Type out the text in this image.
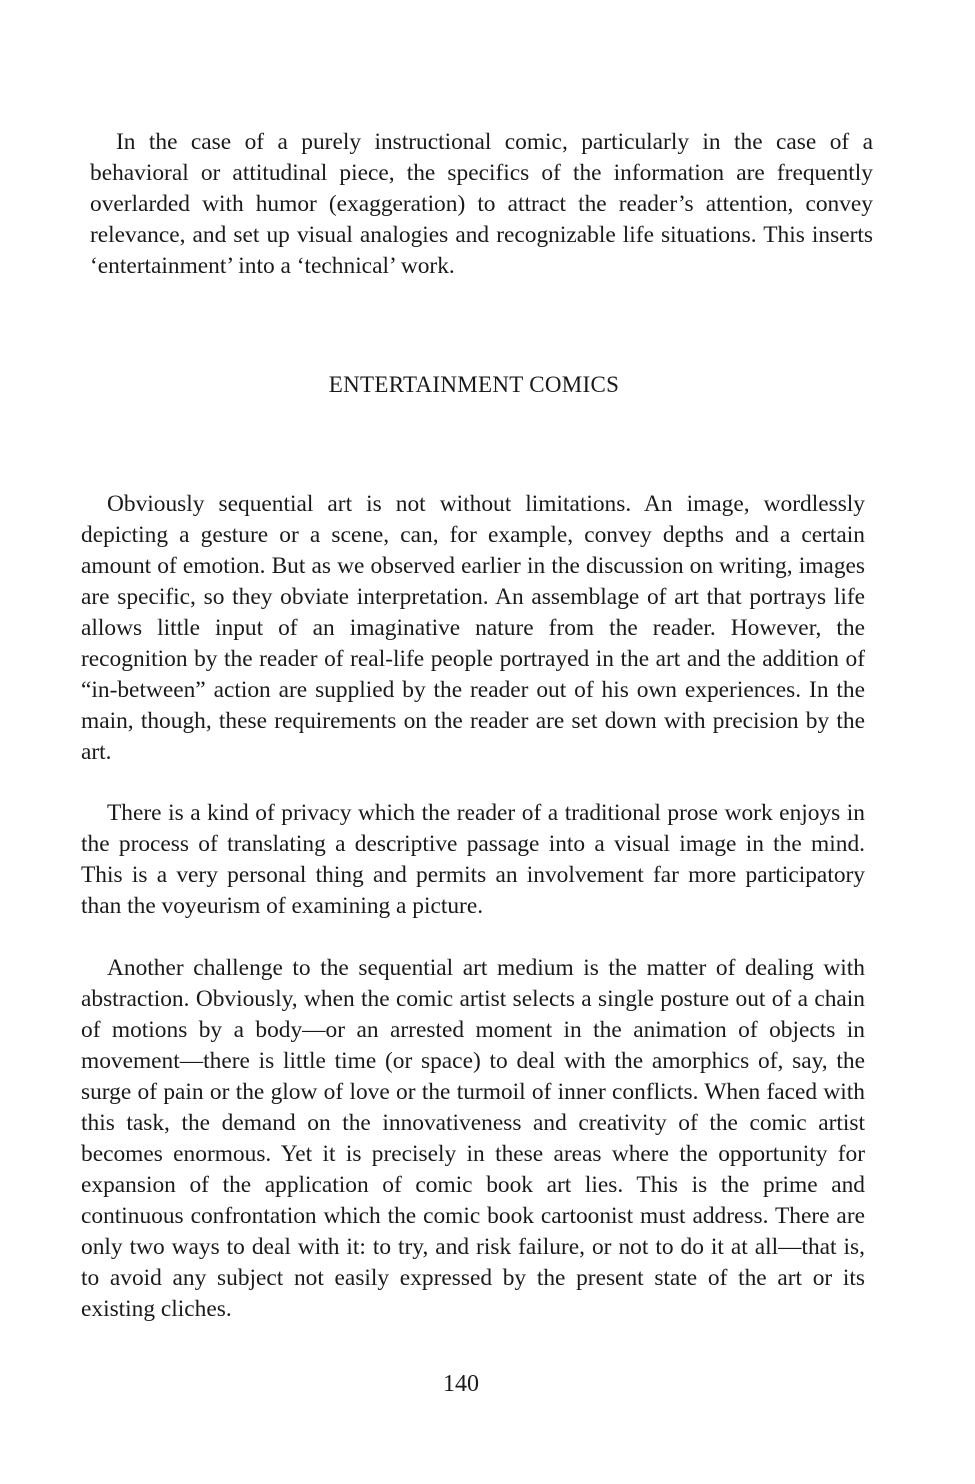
In the case of a purely instructional comic, particularly in the case of a behavioral or attitudinal piece, the specifics of the information are frequently overlarded with humor (exaggeration) to attract the reader’s attention, convey relevance, and set up visual analogies and recognizable life situations. This inserts ‘entertainment’ into a ‘technical’ work.

ENTERTAINMENT COMICS

Obviously sequential art is not without limitations. An image, wordlessly depicting a gesture or a scene, can, for example, convey depths and a certain amount of emotion. But as we observed earlier in the discussion on writing, images are specific, so they obviate interpretation. An assemblage of art that portrays life allows little input of an imaginative nature from the reader. However, the recognition by the reader of real-life people portrayed in the art and the addition of “in-between” action are supplied by the reader out of his own experiences. In the main, though, these requirements on the reader are set down with precision by the art.

There is a kind of privacy which the reader of a traditional prose work enjoys in the process of translating a descriptive passage into a visual image in the mind. This is a very personal thing and permits an involvement far more participatory than the voyeurism of examining a picture.

Another challenge to the sequential art medium is the matter of dealing with abstraction. Obviously, when the comic artist selects a single posture out of a chain of motions by a body—or an arrested moment in the animation of objects in movement—there is little time (or space) to deal with the amorphics of, say, the surge of pain or the glow of love or the turmoil of inner conflicts. When faced with this task, the demand on the innovativeness and creativity of the comic artist becomes enormous. Yet it is precisely in these areas where the opportunity for expansion of the application of comic book art lies. This is the prime and continuous confrontation which the comic book cartoonist must address. There are only two ways to deal with it: to try, and risk failure, or not to do it at all—that is, to avoid any subject not easily expressed by the present state of the art or its existing cliches.

140
